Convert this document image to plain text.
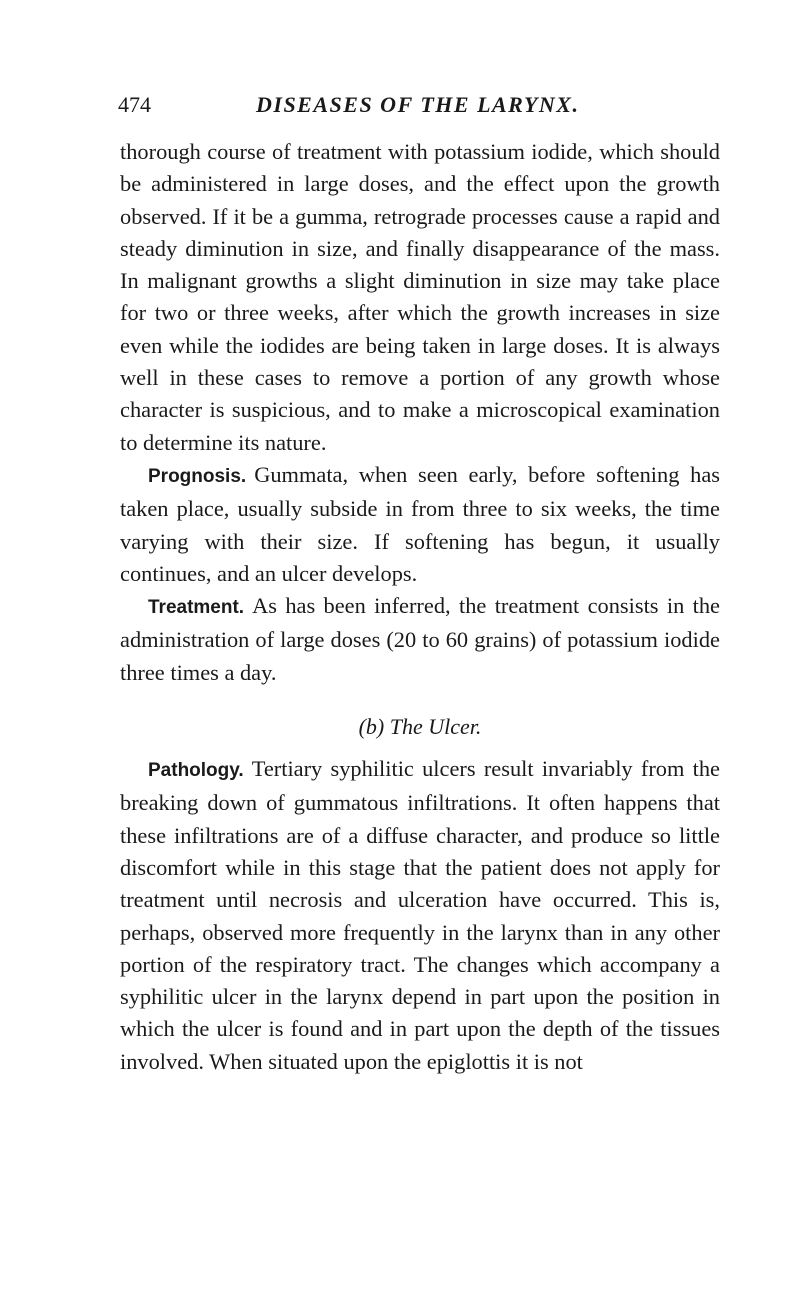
474	DISEASES OF THE LARYNX.

thorough course of treatment with potassium iodide, which should be administered in large doses, and the effect upon the growth observed. If it be a gumma, retrograde processes cause a rapid and steady diminution in size, and finally disappearance of the mass. In malignant growths a slight diminution in size may take place for two or three weeks, after which the growth increases in size even while the iodides are being taken in large doses. It is always well in these cases to remove a portion of any growth whose character is suspicious, and to make a microscopical examination to determine its nature.

Prognosis. Gummata, when seen early, before softening has taken place, usually subside in from three to six weeks, the time varying with their size. If softening has begun, it usually continues, and an ulcer develops.

Treatment. As has been inferred, the treatment consists in the administration of large doses (20 to 60 grains) of potassium iodide three times a day.

(b) The Ulcer.

Pathology. Tertiary syphilitic ulcers result invariably from the breaking down of gummatous infiltrations. It often happens that these infiltrations are of a diffuse character, and produce so little discomfort while in this stage that the patient does not apply for treatment until necrosis and ulceration have occurred. This is, perhaps, observed more frequently in the larynx than in any other portion of the respiratory tract. The changes which accompany a syphilitic ulcer in the larynx depend in part upon the position in which the ulcer is found and in part upon the depth of the tissues involved. When situated upon the epiglottis it is not
